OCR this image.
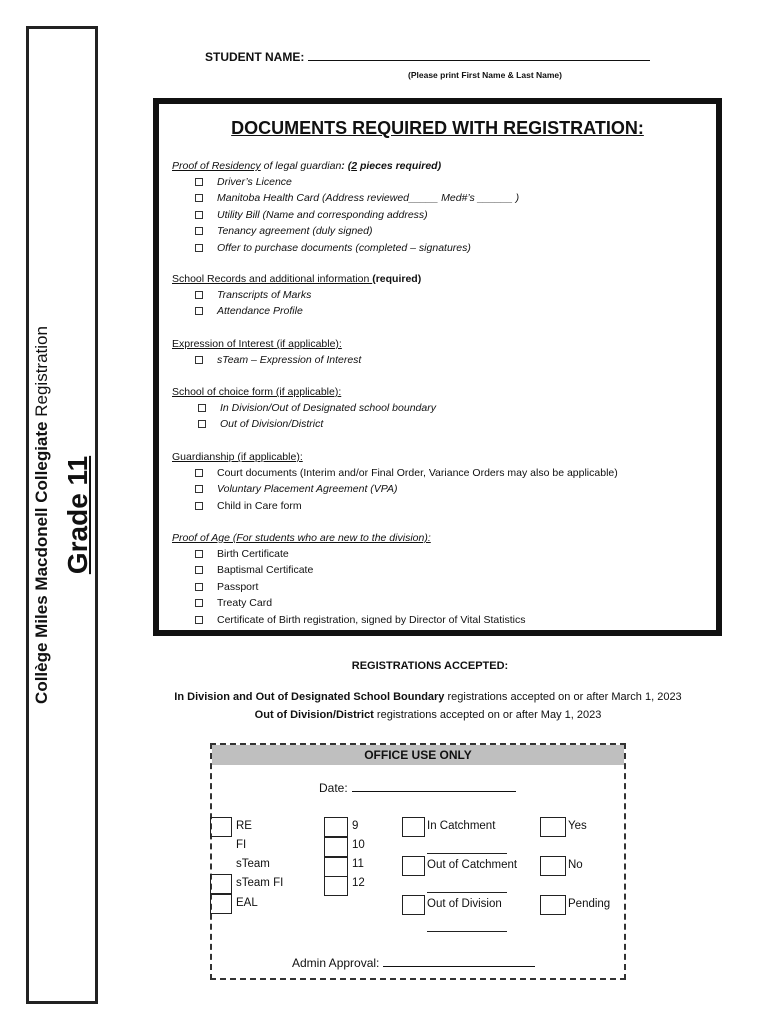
Collège Miles Macdonell Collegiate Registration
Grade 11
STUDENT NAME:
(Please print First Name & Last Name)
DOCUMENTS REQUIRED WITH REGISTRATION:
Proof of Residency of legal guardian: (2 pieces required)
Driver’s Licence
Manitoba Health Card (Address reviewed_____ Med#’s ______ )
Utility Bill (Name and corresponding address)
Tenancy agreement (duly signed)
Offer to purchase documents (completed – signatures)
School Records and additional information (required)
Transcripts of Marks
Attendance Profile
Expression of Interest (if applicable):
sTeam – Expression of Interest
School of choice form (if applicable):
In Division/Out of Designated school boundary
Out of Division/District
Guardianship (if applicable):
Court documents (Interim and/or Final Order, Variance Orders may also be applicable)
Voluntary Placement Agreement (VPA)
Child in Care form
Proof of Age (For students who are new to the division):
Birth Certificate
Baptismal Certificate
Passport
Treaty Card
Certificate of Birth registration, signed by Director of Vital Statistics
REGISTRATIONS ACCEPTED:
In Division and Out of Designated School Boundary registrations accepted on or after March 1, 2023
Out of Division/District registrations accepted on or after May 1, 2023
OFFICE USE ONLY
Date:
RE
FI
sTeam
sTeam FI
EAL
9
10
11
12
In Catchment
Out of Catchment
Out of Division
Yes
No
Pending
Admin Approval:
